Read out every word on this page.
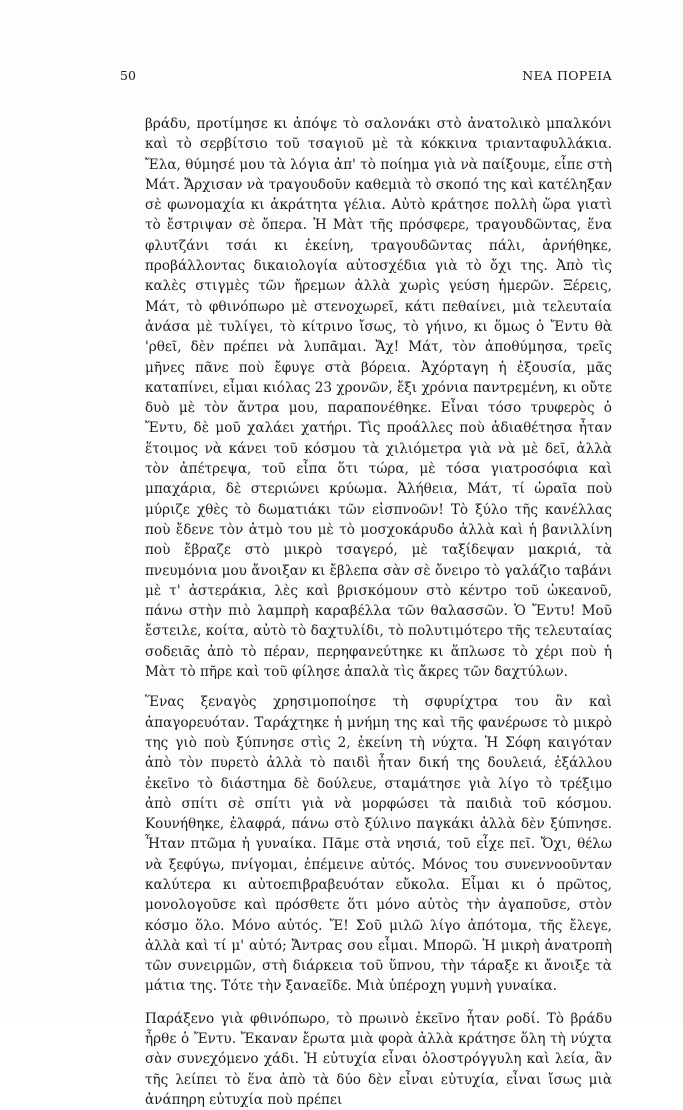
50	ΝΕΑ ΠΟΡΕΙΑ

βράδυ, προτίμησε κι ἀπόψε τὸ σαλονάκι στὸ ἀνατολικὸ μπαλκόνι καὶ τὸ σερβίτσιο τοῦ τσαγιοῦ μὲ τὰ κόκκινα τριανταφυλλάκια. Ἔλα, θύμησέ μου τὰ λόγια ἀπ' τὸ ποίημα γιὰ νὰ παίξουμε, εἶπε στὴ Μάτ. Ἄρχισαν νὰ τραγουδοῦν καθεμιὰ τὸ σκοπό της καὶ κατέληξαν σὲ φωνομαχία κι ἀκράτητα γέλια. Αὐτὸ κράτησε πολλὴ ὥρα γιατὶ τὸ ἔστριψαν σὲ ὄπερα. Ἡ Μὰτ τῆς πρόσφερε, τραγουδῶντας, ἕνα φλυτζάνι τσάι κι ἐκείνη, τραγουδῶντας πάλι, ἀρνήθηκε, προβάλλοντας δικαιολογία αὐτοσχέδια γιὰ τὸ ὄχι της. Ἀπὸ τὶς καλὲς στιγμὲς τῶν ἤρεμων ἀλλὰ χωρὶς γεύση ἡμερῶν. Ξέρεις, Μάτ, τὸ φθινόπωρο μὲ στενοχωρεῖ, κάτι πεθαίνει, μιὰ τελευταία ἀνάσα μὲ τυλίγει, τὸ κίτρινο ἴσως, τὸ γήινο, κι ὅμως ὁ Ἔντυ θὰ 'ρθεῖ, δὲν πρέπει νὰ λυπᾶμαι. Ἄχ! Μάτ, τὸν ἀποθύμησα, τρεῖς μῆνες πᾶνε ποὺ ἔφυγε στὰ βόρεια. Ἀχόρταγη ἡ ἐξουσία, μᾶς καταπίνει, εἶμαι κιόλας 23 χρονῶν, ἔξι χρόνια παντρεμένη, κι οὔτε δυὸ μὲ τὸν ἄντρα μου, παραπονέθηκε. Εἶναι τόσο τρυφερὸς ὁ Ἔντυ, δὲ μοῦ χαλάει χατήρι. Τὶς προάλλες ποὺ ἀδιαθέτησα ἦταν ἕτοιμος νὰ κάνει τοῦ κόσμου τὰ χιλιόμετρα γιὰ νὰ μὲ δεῖ, ἀλλὰ τὸν ἀπέτρεψα, τοῦ εἶπα ὅτι τώρα, μὲ τόσα γιατροσόφια καὶ μπαχάρια, δὲ στεριώνει κρύωμα. Ἀλήθεια, Μάτ, τί ὡραῖα ποὺ μύριζε χθὲς τὸ δωματιάκι τῶν εἰσπνοῶν! Τὸ ξύλο τῆς κανέλλας ποὺ ἔδενε τὸν ἀτμὸ του μὲ τὸ μοσχοκάρυδο ἀλλὰ καὶ ἡ βανιλλίνη ποὺ ἔβραζε στὸ μικρὸ τσαγερό, μὲ ταξίδεψαν μακριά, τὰ πνευμόνια μου ἄνοιξαν κι ἔβλεπα σὰν σὲ ὄνειρο τὸ γαλάζιο ταβάνι μὲ τ' ἀστεράκια, λὲς καὶ βρισκόμουν στὸ κέντρο τοῦ ὠκεανοῦ, πάνω στὴν πιὸ λαμπρὴ καραβέλλα τῶν θαλασσῶν. Ὁ Ἔντυ! Μοῦ ἔστειλε, κοίτα, αὐτὸ τὸ δαχτυλίδι, τὸ πολυτιμότερο τῆς τελευταίας σοδειᾶς ἀπὸ τὸ πέραν, περηφανεύτηκε κι ἅπλωσε τὸ χέρι ποὺ ἡ Μὰτ τὸ πῆρε καὶ τοῦ φίλησε ἁπαλὰ τὶς ἄκρες τῶν δαχτύλων.

Ἕνας ξεναγὸς χρησιμοποίησε τὴ σφυρίχτρα του ἂν καὶ ἀπαγορευόταν. Ταράχτηκε ἡ μνήμη της καὶ τῆς φανέρωσε τὸ μικρὸ της γιὸ ποὺ ξύπνησε στὶς 2, ἐκείνη τὴ νύχτα. Ἡ Σόφη καιγόταν ἀπὸ τὸν πυρετὸ ἀλλὰ τὸ παιδὶ ἦταν δική της δουλειά, ἐξάλλου ἐκεῖνο τὸ διάστημα δὲ δούλευε, σταμάτησε γιὰ λίγο τὸ τρέξιμο ἀπὸ σπίτι σὲ σπίτι γιὰ νὰ μορφώσει τὰ παιδιὰ τοῦ κόσμου. Κουνήθηκε, ἐλαφρά, πάνω στὸ ξύλινο παγκάκι ἀλλὰ δὲν ξύπνησε. Ἦταν πτῶμα ἡ γυναίκα. Πᾶμε στὰ νησιά, τοῦ εἶχε πεῖ. Ὄχι, θέλω νὰ ξεφύγω, πνίγομαι, ἐπέμεινε αὐτός. Μόνος του συνεννοοῦνταν καλύτερα κι αὐτοεπιβραβευόταν εὔκολα. Εἶμαι κι ὁ πρῶτος, μονολογοῦσε καὶ πρόσθετε ὅτι μόνο αὐτὸς τὴν ἀγαποῦσε, στὸν κόσμο ὅλο. Μόνο αὐτός. Ἔ! Σοῦ μιλῶ λίγο ἀπότομα, τῆς ἔλεγε, ἀλλὰ καὶ τί μ' αὐτό; Ἄντρας σου εἶμαι. Μπορῶ. Ἡ μικρὴ ἀνατροπὴ τῶν συνειρμῶν, στὴ διάρκεια τοῦ ὕπνου, τὴν τάραξε κι ἄνοιξε τὰ μάτια της. Τότε τὴν ξαναεῖδε. Μιὰ ὑπέροχη γυμνὴ γυναίκα.

Παράξενο γιὰ φθινόπωρο, τὸ πρωινὸ ἐκεῖνο ἦταν ροδί. Τὸ βράδυ ἦρθε ὁ Ἔντυ. Ἔκαναν ἔρωτα μιὰ φορὰ ἀλλὰ κράτησε ὅλη τὴ νύχτα σὰν συνεχόμενο χάδι. Ἡ εὐτυχία εἶναι ὁλοστρόγγυλη καὶ λεία, ἂν τῆς λείπει τὸ ἕνα ἀπὸ τὰ δύο δὲν εἶναι εὐτυχία, εἶναι ἴσως μιὰ ἀνάπηρη εὐτυχία ποὺ πρέπει
